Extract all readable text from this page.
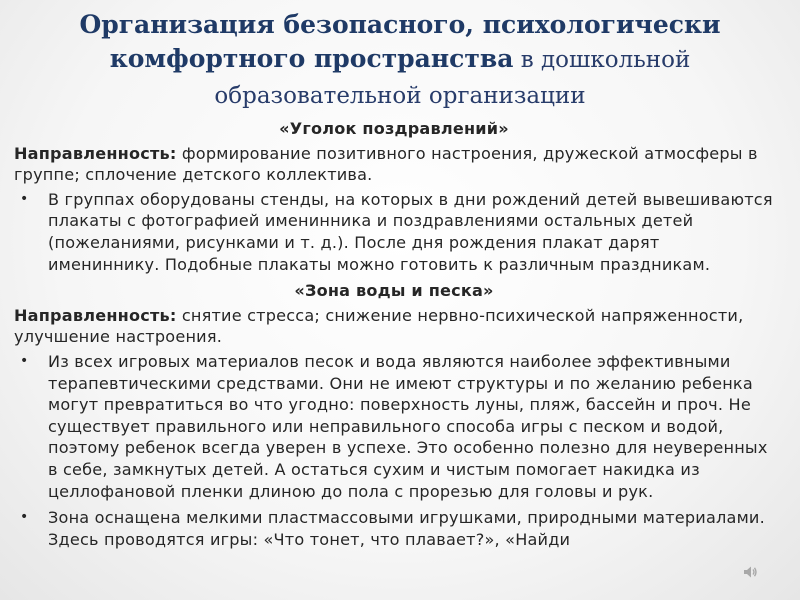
Организация безопасного, психологически
комфортного пространства в дошкольной
образовательной организации
«Уголок поздравлений»
Направленность: формирование позитивного настроения, дружеской атмосферы в группе; сплочение детского коллектива.
• В группах оборудованы стенды, на которых в дни рождений детей вывешиваются плакаты с фотографией именинника и поздравлениями остальных детей (пожеланиями, рисунками и т. д.). После дня рождения плакат дарят имениннику. Подобные плакаты можно готовить к различным праздникам.
«Зона воды и песка»
Направленность: снятие стресса; снижение нервно-психической напряженности, улучшение настроения.
• Из всех игровых материалов песок и вода являются наиболее эффективными терапевтическими средствами. Они не имеют структуры и по желанию ребенка могут превратиться во что угодно: поверхность луны, пляж, бассейн и проч. Не существует правильного или неправильного способа игры с песком и водой, поэтому ребенок всегда уверен в успехе. Это особенно полезно для неуверенных в себе, замкнутых детей. А остаться сухим и чистым помогает накидка из целлофановой пленки длиною до пола с прорезью для головы и рук.
• Зона оснащена мелкими пластмассовыми игрушками, природными материалами. Здесь проводятся игры: «Что тонет, что плавает?», «Найди
